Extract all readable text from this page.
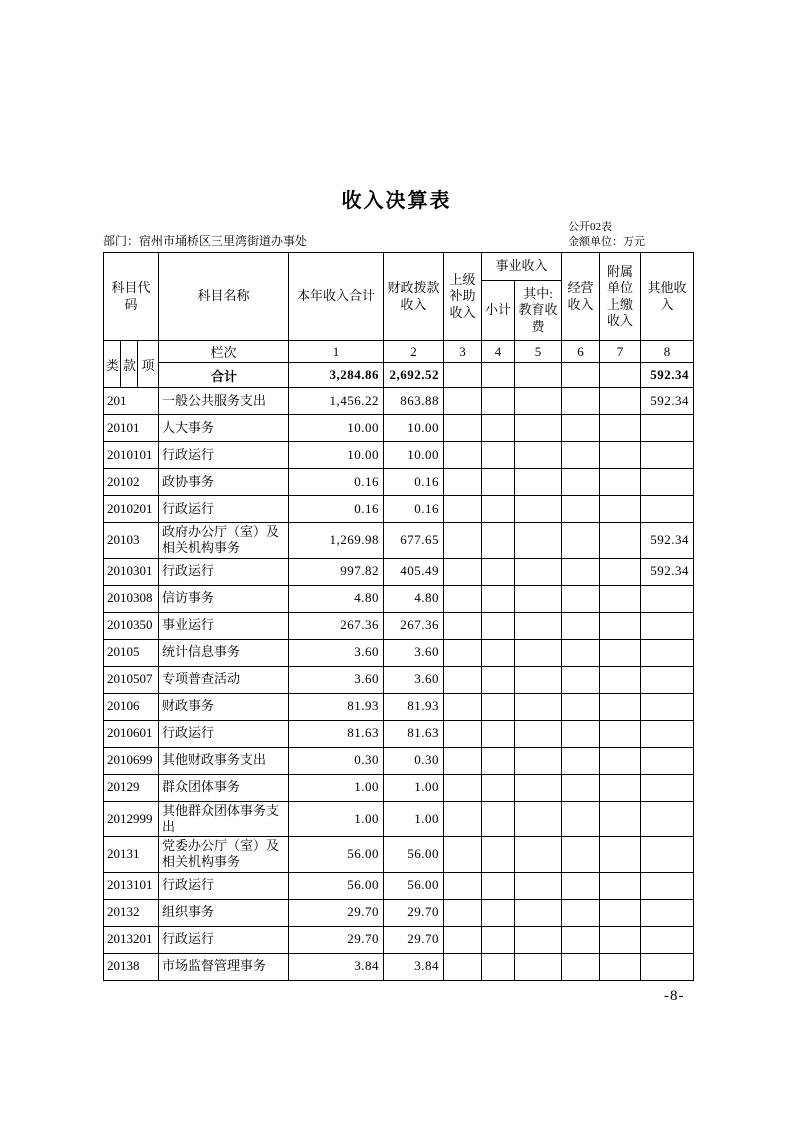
收入决算表
公开02表
部门：宿州市埇桥区三里湾街道办事处	金额单位：万元
科目代码			科目名称	本年收入合计	财政拨款收入	上级补助收入	事业收入		经营收入	附属单位上缴收入	其他收入
							小计	其中:教育收费			
类	款	项	栏次	1	2	3	4	5	6	7	8
			合计	3,284.86	2,692.52						592.34
201			一般公共服务支出	1,456.22	863.88						592.34
20101			人大事务	10.00	10.00						
2010101			行政运行	10.00	10.00						
20102			政协事务	0.16	0.16						
2010201			行政运行	0.16	0.16						
20103			政府办公厅（室）及相关机构事务	1,269.98	677.65						592.34
2010301			行政运行	997.82	405.49						592.34
2010308			信访事务	4.80	4.80						
2010350			事业运行	267.36	267.36						
20105			统计信息事务	3.60	3.60						
2010507			专项普查活动	3.60	3.60						
20106			财政事务	81.93	81.93						
2010601			行政运行	81.63	81.63						
2010699			其他财政事务支出	0.30	0.30						
20129			群众团体事务	1.00	1.00						
2012999			其他群众团体事务支出	1.00	1.00						
20131			党委办公厅（室）及相关机构事务	56.00	56.00						
2013101			行政运行	56.00	56.00						
20132			组织事务	29.70	29.70						
2013201			行政运行	29.70	29.70						
20138			市场监督管理事务	3.84	3.84						
-8-
